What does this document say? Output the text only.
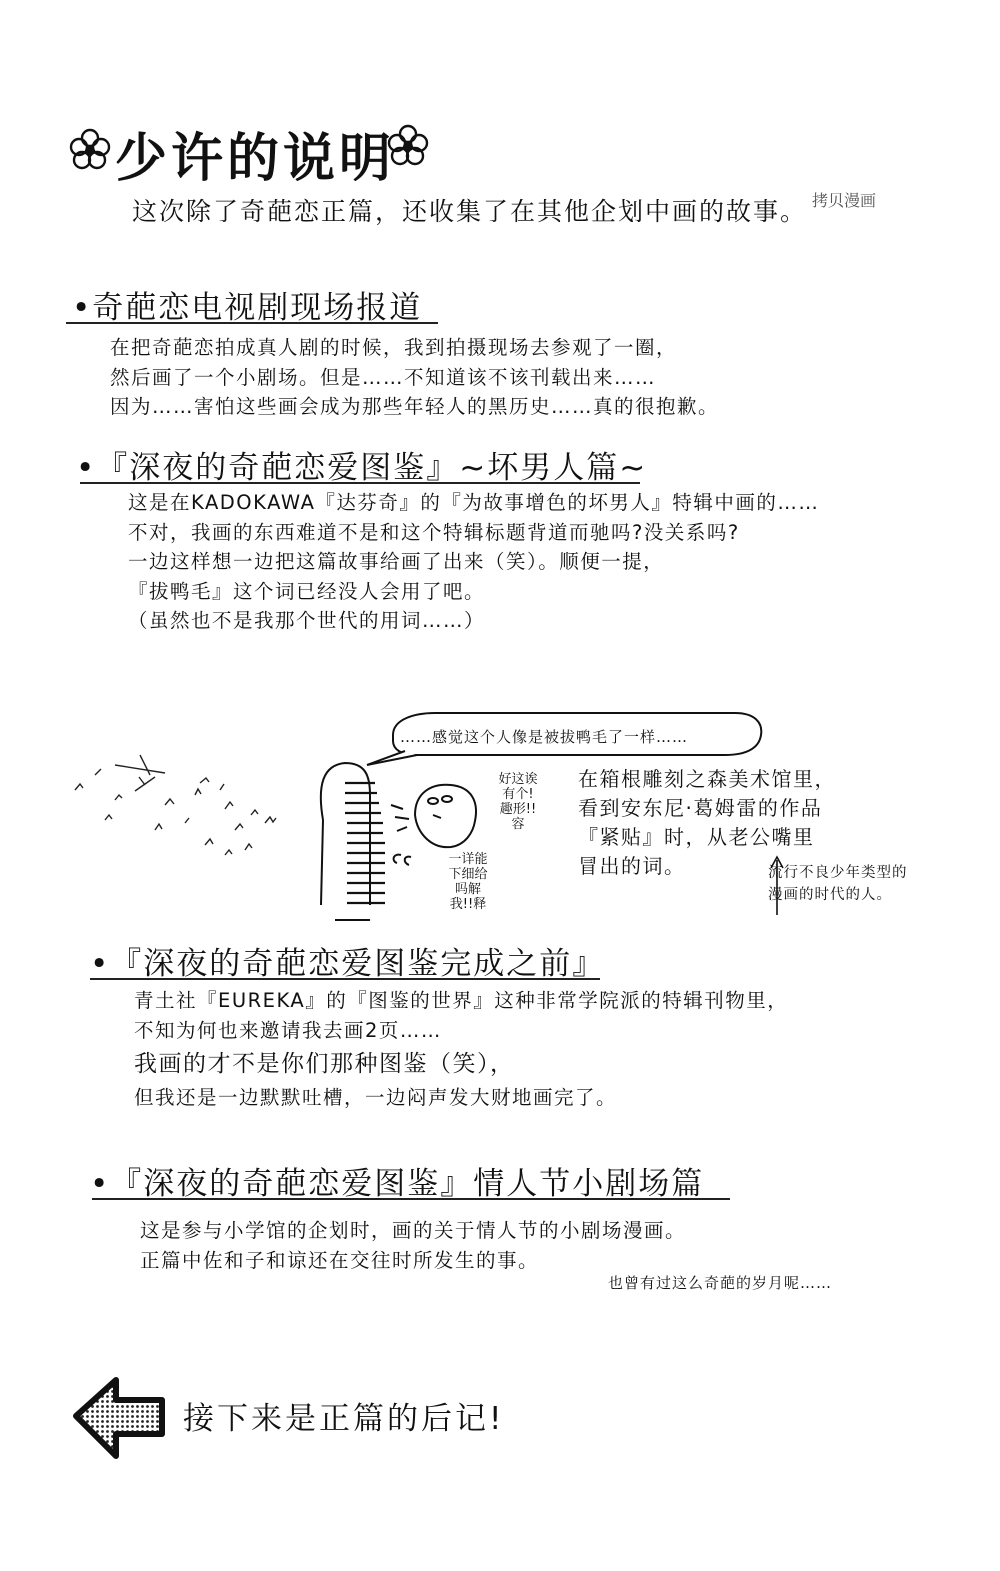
少许的说明
这次除了奇葩恋正篇，还收集了在其他企划中画的故事。 拷贝漫画
•奇葩恋电视剧现场报道
在把奇葩恋拍成真人剧的时候，我到拍摄现场去参观了一圈，
然后画了一个小剧场。但是……不知道该不该刊载出来……
因为……害怕这些画会成为那些年轻人的黑历史……真的很抱歉。
•『深夜的奇葩恋爱图鉴』~坏男人篇~
这是在KADOKAWA『达芬奇』的『为故事增色的坏男人』特辑中画的……
不对，我画的东西难道不是和这个特辑标题背道而驰吗?没关系吗?
一边这样想一边把这篇故事给画了出来（笑）。顺便一提，
『拔鸭毛』这个词已经没人会用了吧。
（虽然也不是我那个世代的用词……）
……感觉这个人像是被拔鸭毛了一样……
好这诶有个!趣形!!容
一详能下细给吗解我!!释
在箱根雕刻之森美术馆里，
看到安东尼·葛姆雷的作品
『紧贴』时，从老公嘴里
冒出的词。	流行不良少年类型的
漫画的时代的人。
•『深夜的奇葩恋爱图鉴完成之前』
青土社『EUREKA』的『图鉴的世界』这种非常学院派的特辑刊物里，
不知为何也来邀请我去画2页……
我画的才不是你们那种图鉴（笑），
但我还是一边默默吐槽，一边闷声发大财地画完了。
•『深夜的奇葩恋爱图鉴』情人节小剧场篇
这是参与小学馆的企划时，画的关于情人节的小剧场漫画。
正篇中佐和子和谅还在交往时所发生的事。
也曾有过这么奇葩的岁月呢……
接下来是正篇的后记!
